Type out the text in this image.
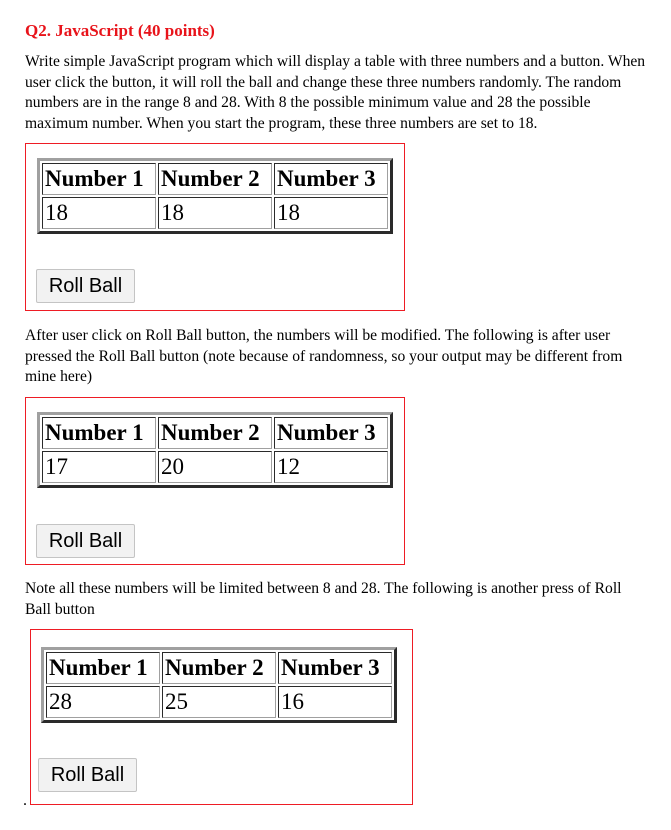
Q2. JavaScript (40 points)

Write simple JavaScript program which will display a table with three numbers and a button. When user click the button, it will roll the ball and change these three numbers randomly. The random numbers are in the range 8 and 28. With 8 the possible minimum value and 28 the possible maximum number. When you start the program, these three numbers are set to 18.

Number 1	Number 2	Number 3
18	18	18
Roll Ball

After user click on Roll Ball button, the numbers will be modified. The following is after user pressed the Roll Ball button (note because of randomness, so your output may be different from mine here)

Number 1	Number 2	Number 3
17	20	12
Roll Ball

Note all these numbers will be limited between 8 and 28. The following is another press of Roll Ball button

Number 1	Number 2	Number 3
28	25	16
Roll Ball
.
